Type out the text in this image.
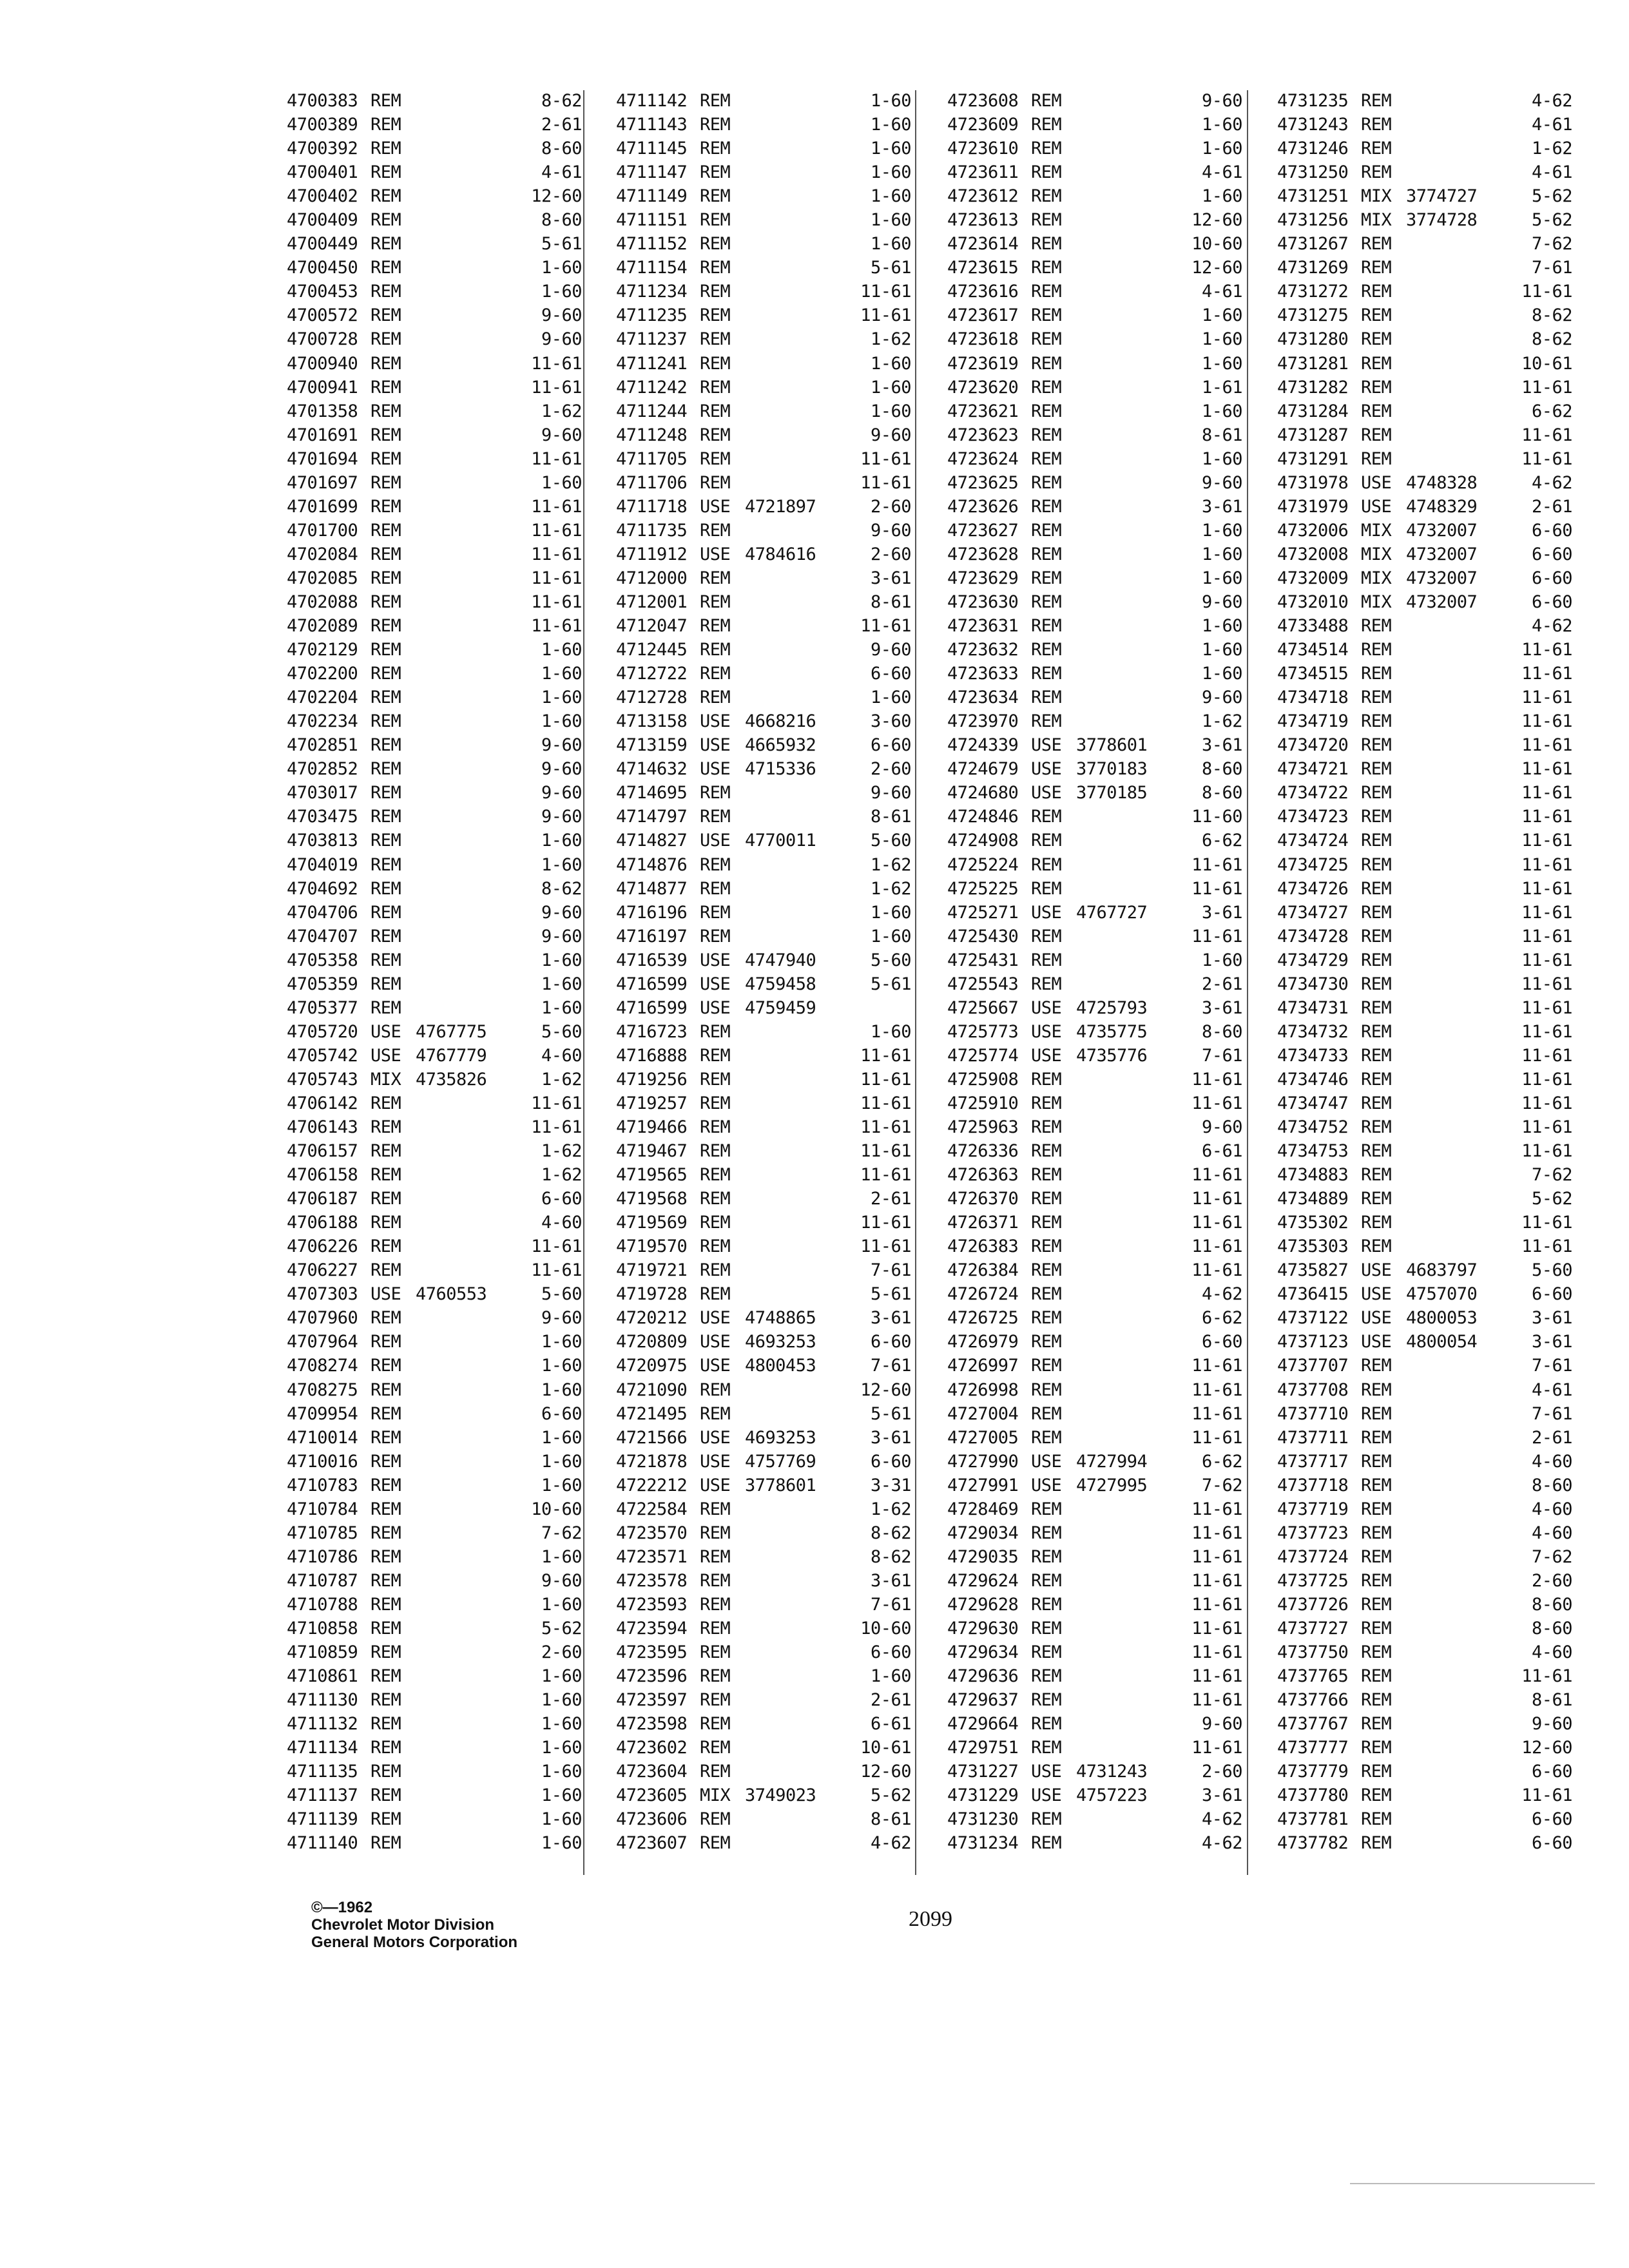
4700383 REM	8-62
4700389 REM	2-61
4700392 REM	8-60
4700401 REM	4-61
4700402 REM	12-60
4700409 REM	8-60
4700449 REM	5-61
4700450 REM	1-60
4700453 REM	1-60
4700572 REM	9-60
4700728 REM	9-60
4700940 REM	11-61
4700941 REM	11-61
4701358 REM	1-62
4701691 REM	9-60
4701694 REM	11-61
4701697 REM	1-60
4701699 REM	11-61
4701700 REM	11-61
4702084 REM	11-61
4702085 REM	11-61
4702088 REM	11-61
4702089 REM	11-61
4702129 REM	1-60
4702200 REM	1-60
4702204 REM	1-60
4702234 REM	1-60
4702851 REM	9-60
4702852 REM	9-60
4703017 REM	9-60
4703475 REM	9-60
4703813 REM	1-60
4704019 REM	1-60
4704692 REM	8-62
4704706 REM	9-60
4704707 REM	9-60
4705358 REM	1-60
4705359 REM	1-60
4705377 REM	1-60
4705720 USE 4767775	5-60
4705742 USE 4767779	4-60
4705743 MIX 4735826	1-62
4706142 REM	11-61
4706143 REM	11-61
4706157 REM	1-62
4706158 REM	1-62
4706187 REM	6-60
4706188 REM	4-60
4706226 REM	11-61
4706227 REM	11-61
4707303 USE 4760553	5-60
4707960 REM	9-60
4707964 REM	1-60
4708274 REM	1-60
4708275 REM	1-60
4709954 REM	6-60
4710014 REM	1-60
4710016 REM	1-60
4710783 REM	1-60
4710784 REM	10-60
4710785 REM	7-62
4710786 REM	1-60
4710787 REM	9-60
4710788 REM	1-60
4710858 REM	5-62
4710859 REM	2-60
4710861 REM	1-60
4711130 REM	1-60
4711132 REM	1-60
4711134 REM	1-60
4711135 REM	1-60
4711137 REM	1-60
4711139 REM	1-60
4711140 REM	1-60
4711142 REM	1-60
4711143 REM	1-60
4711145 REM	1-60
4711147 REM	1-60
4711149 REM	1-60
4711151 REM	1-60
4711152 REM	1-60
4711154 REM	5-61
4711234 REM	11-61
4711235 REM	11-61
4711237 REM	1-62
4711241 REM	1-60
4711242 REM	1-60
4711244 REM	1-60
4711248 REM	9-60
4711705 REM	11-61
4711706 REM	11-61
4711718 USE 4721897	2-60
4711735 REM	9-60
4711912 USE 4784616	2-60
4712000 REM	3-61
4712001 REM	8-61
4712047 REM	11-61
4712445 REM	9-60
4712722 REM	6-60
4712728 REM	1-60
4713158 USE 4668216	3-60
4713159 USE 4665932	6-60
4714632 USE 4715336	2-60
4714695 REM	9-60
4714797 REM	8-61
4714827 USE 4770011	5-60
4714876 REM	1-62
4714877 REM	1-62
4716196 REM	1-60
4716197 REM	1-60
4716539 USE 4747940	5-60
4716599 USE 4759458	5-61
4716599 USE 4759459
4716723 REM	1-60
4716888 REM	11-61
4719256 REM	11-61
4719257 REM	11-61
4719466 REM	11-61
4719467 REM	11-61
4719565 REM	11-61
4719568 REM	2-61
4719569 REM	11-61
4719570 REM	11-61
4719721 REM	7-61
4719728 REM	5-61
4720212 USE 4748865	3-61
4720809 USE 4693253	6-60
4720975 USE 4800453	7-61
4721090 REM	12-60
4721495 REM	5-61
4721566 USE 4693253	3-61
4721878 USE 4757769	6-60
4722212 USE 3778601	3-31
4722584 REM	1-62
4723570 REM	8-62
4723571 REM	8-62
4723578 REM	3-61
4723593 REM	7-61
4723594 REM	10-60
4723595 REM	6-60
4723596 REM	1-60
4723597 REM	2-61
4723598 REM	6-61
4723602 REM	10-61
4723604 REM	12-60
4723605 MIX 3749023	5-62
4723606 REM	8-61
4723607 REM	4-62
4723608 REM	9-60
4723609 REM	1-60
4723610 REM	1-60
4723611 REM	4-61
4723612 REM	1-60
4723613 REM	12-60
4723614 REM	10-60
4723615 REM	12-60
4723616 REM	4-61
4723617 REM	1-60
4723618 REM	1-60
4723619 REM	1-60
4723620 REM	1-61
4723621 REM	1-60
4723623 REM	8-61
4723624 REM	1-60
4723625 REM	9-60
4723626 REM	3-61
4723627 REM	1-60
4723628 REM	1-60
4723629 REM	1-60
4723630 REM	9-60
4723631 REM	1-60
4723632 REM	1-60
4723633 REM	1-60
4723634 REM	9-60
4723970 REM	1-62
4724339 USE 3778601	3-61
4724679 USE 3770183	8-60
4724680 USE 3770185	8-60
4724846 REM	11-60
4724908 REM	6-62
4725224 REM	11-61
4725225 REM	11-61
4725271 USE 4767727	3-61
4725430 REM	11-61
4725431 REM	1-60
4725543 REM	2-61
4725667 USE 4725793	3-61
4725773 USE 4735775	8-60
4725774 USE 4735776	7-61
4725908 REM	11-61
4725910 REM	11-61
4725963 REM	9-60
4726336 REM	6-61
4726363 REM	11-61
4726370 REM	11-61
4726371 REM	11-61
4726383 REM	11-61
4726384 REM	11-61
4726724 REM	4-62
4726725 REM	6-62
4726979 REM	6-60
4726997 REM	11-61
4726998 REM	11-61
4727004 REM	11-61
4727005 REM	11-61
4727990 USE 4727994	6-62
4727991 USE 4727995	7-62
4728469 REM	11-61
4729034 REM	11-61
4729035 REM	11-61
4729624 REM	11-61
4729628 REM	11-61
4729630 REM	11-61
4729634 REM	11-61
4729636 REM	11-61
4729637 REM	11-61
4729664 REM	9-60
4729751 REM	11-61
4731227 USE 4731243	2-60
4731229 USE 4757223	3-61
4731230 REM	4-62
4731234 REM	4-62
4731235 REM	4-62
4731243 REM	4-61
4731246 REM	1-62
4731250 REM	4-61
4731251 MIX 3774727	5-62
4731256 MIX 3774728	5-62
4731267 REM	7-62
4731269 REM	7-61
4731272 REM	11-61
4731275 REM	8-62
4731280 REM	8-62
4731281 REM	10-61
4731282 REM	11-61
4731284 REM	6-62
4731287 REM	11-61
4731291 REM	11-61
4731978 USE 4748328	4-62
4731979 USE 4748329	2-61
4732006 MIX 4732007	6-60
4732008 MIX 4732007	6-60
4732009 MIX 4732007	6-60
4732010 MIX 4732007	6-60
4733488 REM	4-62
4734514 REM	11-61
4734515 REM	11-61
4734718 REM	11-61
4734719 REM	11-61
4734720 REM	11-61
4734721 REM	11-61
4734722 REM	11-61
4734723 REM	11-61
4734724 REM	11-61
4734725 REM	11-61
4734726 REM	11-61
4734727 REM	11-61
4734728 REM	11-61
4734729 REM	11-61
4734730 REM	11-61
4734731 REM	11-61
4734732 REM	11-61
4734733 REM	11-61
4734746 REM	11-61
4734747 REM	11-61
4734752 REM	11-61
4734753 REM	11-61
4734883 REM	7-62
4734889 REM	5-62
4735302 REM	11-61
4735303 REM	11-61
4735827 USE 4683797	5-60
4736415 USE 4757070	6-60
4737122 USE 4800053	3-61
4737123 USE 4800054	3-61
4737707 REM	7-61
4737708 REM	4-61
4737710 REM	7-61
4737711 REM	2-61
4737717 REM	4-60
4737718 REM	8-60
4737719 REM	4-60
4737723 REM	4-60
4737724 REM	7-62
4737725 REM	2-60
4737726 REM	8-60
4737727 REM	8-60
4737750 REM	4-60
4737765 REM	11-61
4737766 REM	8-61
4737767 REM	9-60
4737777 REM	12-60
4737779 REM	6-60
4737780 REM	11-61
4737781 REM	6-60
4737782 REM	6-60
©—1962
Chevrolet Motor Division
General Motors Corporation
2099
